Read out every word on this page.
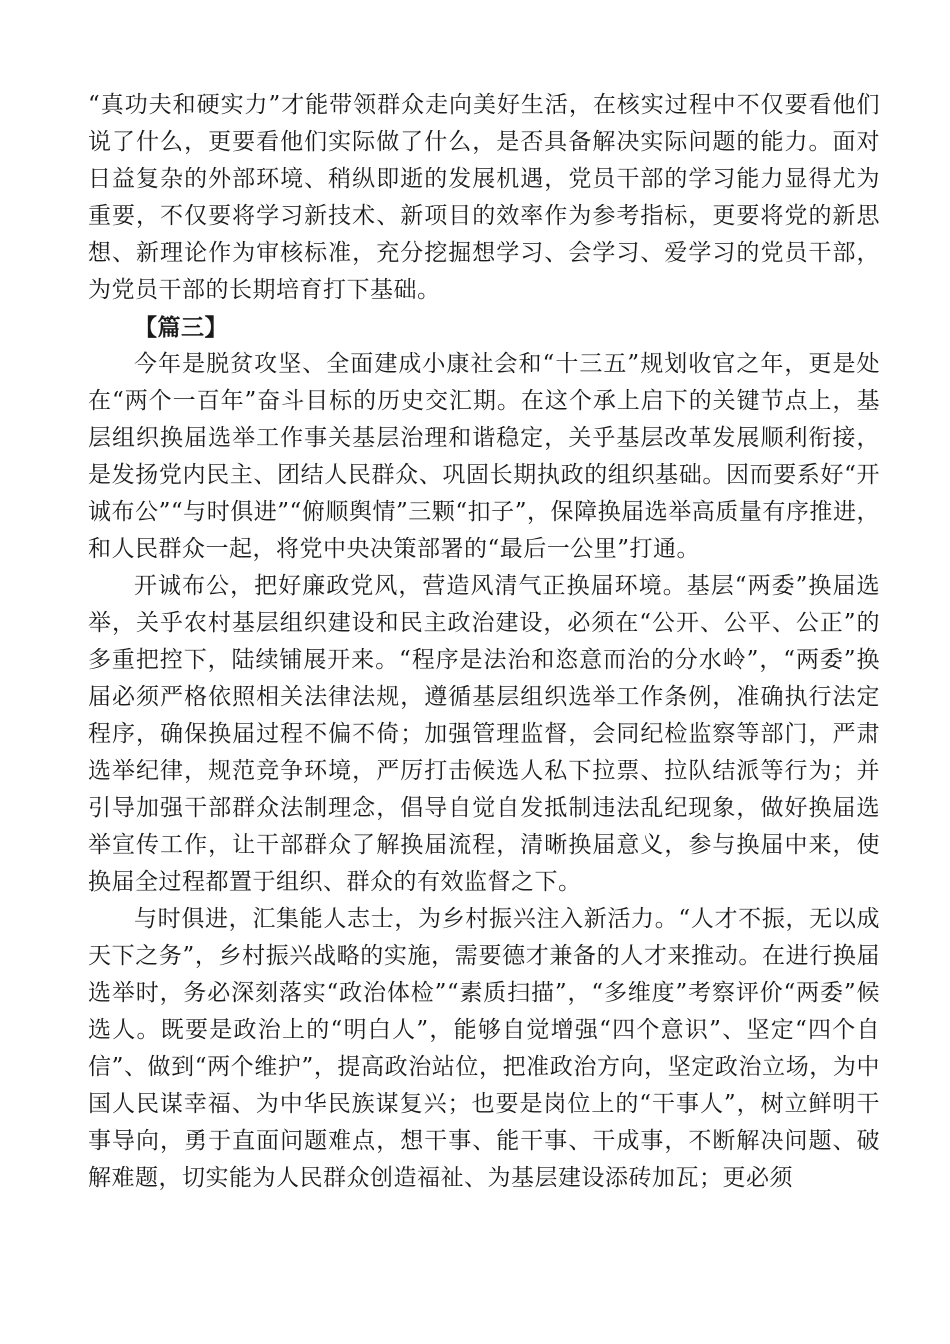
“真功夫和硬实力”才能带领群众走向美好生活，在核实过程中不仅要看他们说了什么，更要看他们实际做了什么，是否具备解决实际问题的能力。面对日益复杂的外部环境、稍纵即逝的发展机遇，党员干部的学习能力显得尤为重要，不仅要将学习新技术、新项目的效率作为参考指标，更要将党的新思想、新理论作为审核标准，充分挖掘想学习、会学习、爱学习的党员干部，为党员干部的长期培育打下基础。

【篇三】

今年是脱贫攻坚、全面建成小康社会和“十三五”规划收官之年，更是处在“两个一百年”奋斗目标的历史交汇期。在这个承上启下的关键节点上，基层组织换届选举工作事关基层治理和谐稳定，关乎基层改革发展顺利衔接，是发扬党内民主、团结人民群众、巩固长期执政的组织基础。因而要系好“开诚布公”“与时俱进”“俯顺舆情”三颗“扣子”，保障换届选举高质量有序推进，和人民群众一起，将党中央决策部署的“最后一公里”打通。

开诚布公，把好廉政党风，营造风清气正换届环境。基层“两委”换届选举，关乎农村基层组织建设和民主政治建设，必须在“公开、公平、公正”的多重把控下，陆续铺展开来。“程序是法治和恣意而治的分水岭”，“两委”换届必须严格依照相关法律法规，遵循基层组织选举工作条例，准确执行法定程序，确保换届过程不偏不倚；加强管理监督，会同纪检监察等部门，严肃选举纪律，规范竞争环境，严厉打击候选人私下拉票、拉队结派等行为；并引导加强干部群众法制理念，倡导自觉自发抵制违法乱纪现象，做好换届选举宣传工作，让干部群众了解换届流程，清晰换届意义，参与换届中来，使换届全过程都置于组织、群众的有效监督之下。

与时俱进，汇集能人志士，为乡村振兴注入新活力。“人才不振，无以成天下之务”，乡村振兴战略的实施，需要德才兼备的人才来推动。在进行换届选举时，务必深刻落实“政治体检”“素质扫描”，“多维度”考察评价“两委”候选人。既要是政治上的“明白人”，能够自觉增强“四个意识”、坚定“四个自信”、做到“两个维护”，提高政治站位，把准政治方向，坚定政治立场，为中国人民谋幸福、为中华民族谋复兴；也要是岗位上的“干事人”，树立鲜明干事导向，勇于直面问题难点，想干事、能干事、干成事，不断解决问题、破解难题，切实能为人民群众创造福祉、为基层建设添砖加瓦；更必须
